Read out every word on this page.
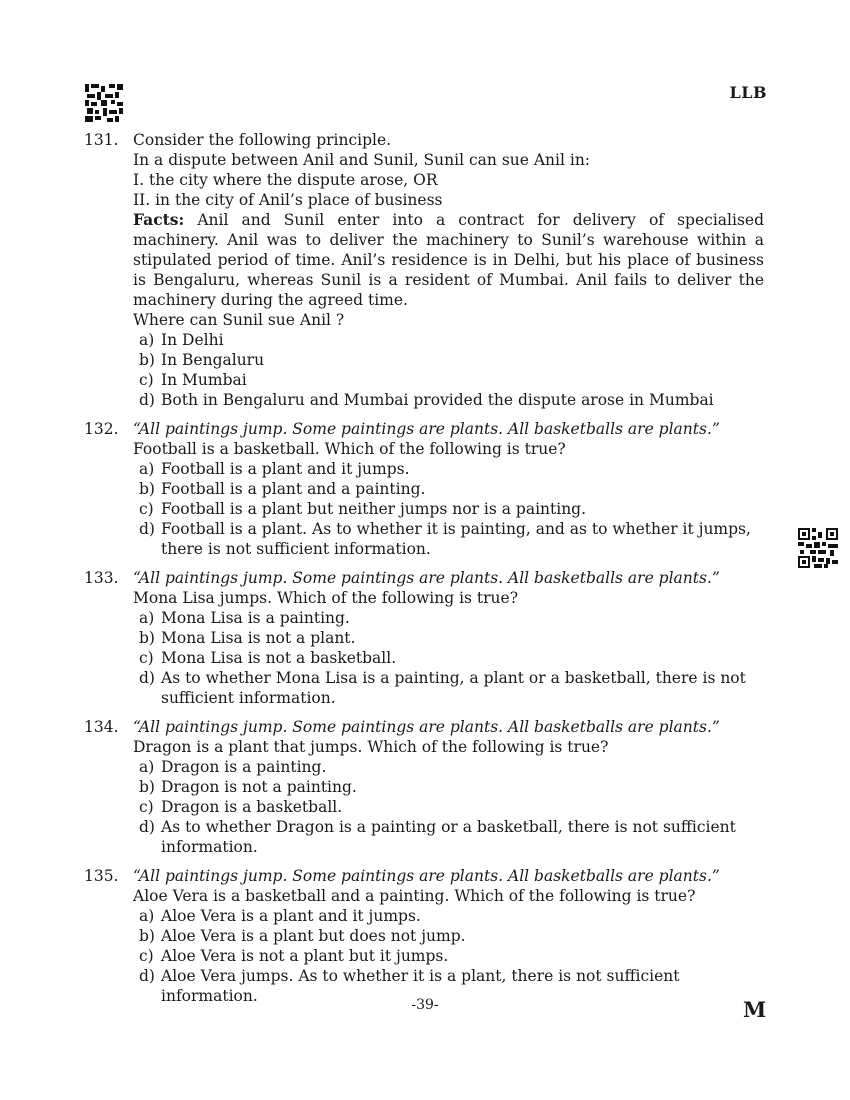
LLB
131. Consider the following principle.
In a dispute between Anil and Sunil, Sunil can sue Anil in:
I. the city where the dispute arose, OR
II. in the city of Anil’s place of business
Facts: Anil and Sunil enter into a contract for delivery of specialised machinery. Anil was to deliver the machinery to Sunil’s warehouse within a stipulated period of time. Anil’s residence is in Delhi, but his place of business is Bengaluru, whereas Sunil is a resident of Mumbai. Anil fails to deliver the machinery during the agreed time.
Where can Sunil sue Anil ?
a) In Delhi
b) In Bengaluru
c) In Mumbai
d) Both in Bengaluru and Mumbai provided the dispute arose in Mumbai
132. “All paintings jump. Some paintings are plants. All basketballs are plants.”
Football is a basketball. Which of the following is true?
a) Football is a plant and it jumps.
b) Football is a plant and a painting.
c) Football is a plant but neither jumps nor is a painting.
d) Football is a plant. As to whether it is painting, and as to whether it jumps, there is not sufficient information.
133. “All paintings jump. Some paintings are plants. All basketballs are plants.”
Mona Lisa jumps. Which of the following is true?
a) Mona Lisa is a painting.
b) Mona Lisa is not a plant.
c) Mona Lisa is not a basketball.
d) As to whether Mona Lisa is a painting, a plant or a basketball, there is not sufficient information.
134. “All paintings jump. Some paintings are plants. All basketballs are plants.”
Dragon is a plant that jumps. Which of the following is true?
a) Dragon is a painting.
b) Dragon is not a painting.
c) Dragon is a basketball.
d) As to whether Dragon is a painting or a basketball, there is not sufficient information.
135. “All paintings jump. Some paintings are plants. All basketballs are plants.”
Aloe Vera is a basketball and a painting. Which of the following is true?
a) Aloe Vera is a plant and it jumps.
b) Aloe Vera is a plant but does not jump.
c) Aloe Vera is not a plant but it jumps.
d) Aloe Vera jumps. As to whether it is a plant, there is not sufficient information.	-39-	M
